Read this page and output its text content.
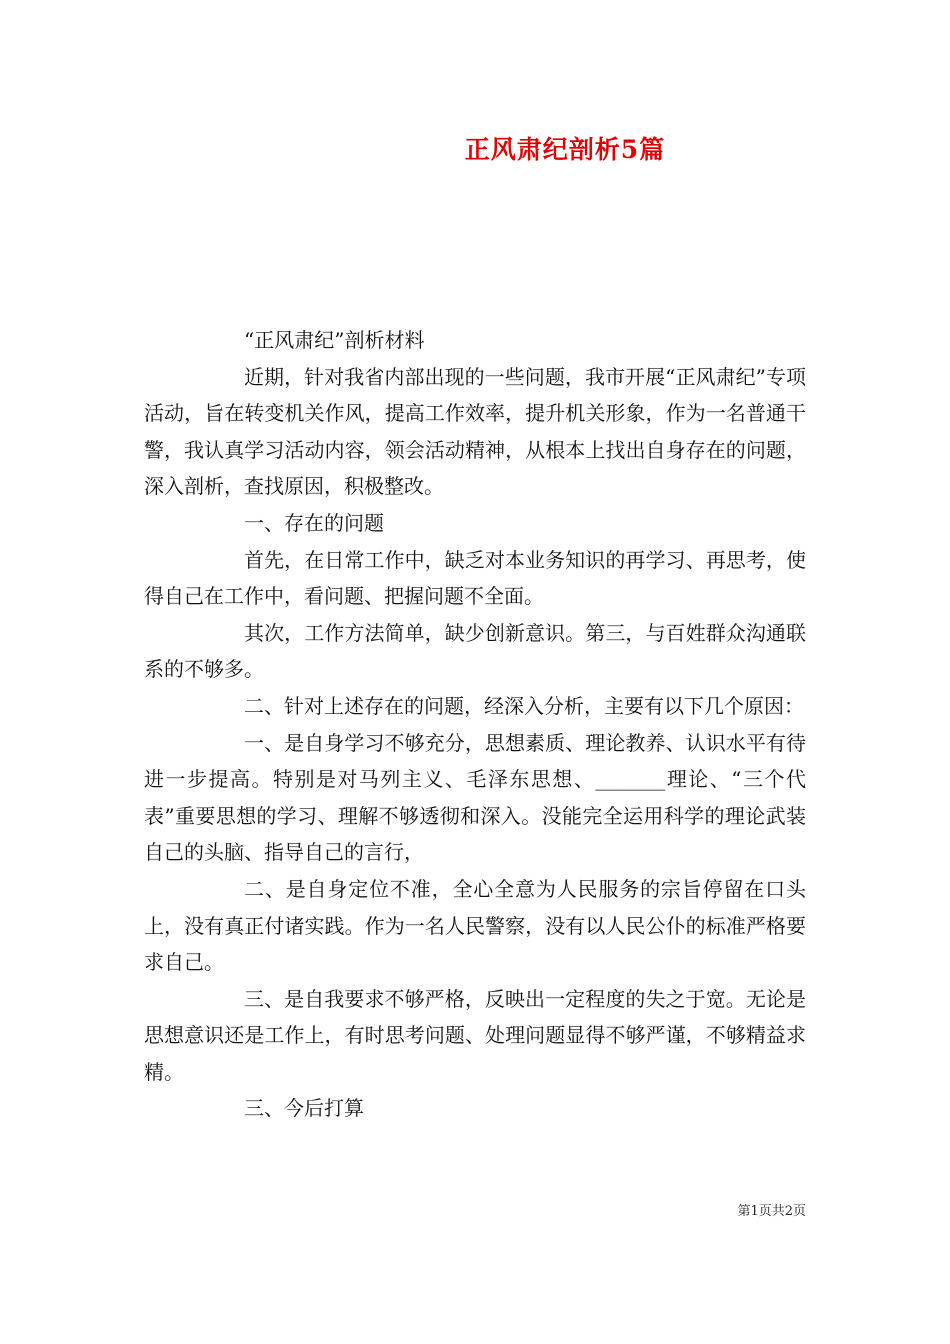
正风肃纪剖析5篇

“正风肃纪”剖析材料

近期，针对我省内部出现的一些问题，我市开展“正风肃纪”专项活动，旨在转变机关作风，提高工作效率，提升机关形象，作为一名普通干警，我认真学习活动内容，领会活动精神，从根本上找出自身存在的问题，深入剖析，查找原因，积极整改。

一、存在的问题

首先，在日常工作中，缺乏对本业务知识的再学习、再思考，使得自己在工作中，看问题、把握问题不全面。

其次，工作方法简单，缺少创新意识。第三，与百姓群众沟通联系的不够多。

二、针对上述存在的问题，经深入分析，主要有以下几个原因：

一、是自身学习不够充分，思想素质、理论教养、认识水平有待进一步提高。特别是对马列主义、毛泽东思想、_______理论、“三个代表”重要思想的学习、理解不够透彻和深入。没能完全运用科学的理论武装自己的头脑、指导自己的言行，

二、是自身定位不准，全心全意为人民服务的宗旨停留在口头上，没有真正付诸实践。作为一名人民警察，没有以人民公仆的标准严格要求自己。

三、是自我要求不够严格，反映出一定程度的失之于宽。无论是思想意识还是工作上，有时思考问题、处理问题显得不够严谨，不够精益求精。

三、今后打算

第1页共2页
